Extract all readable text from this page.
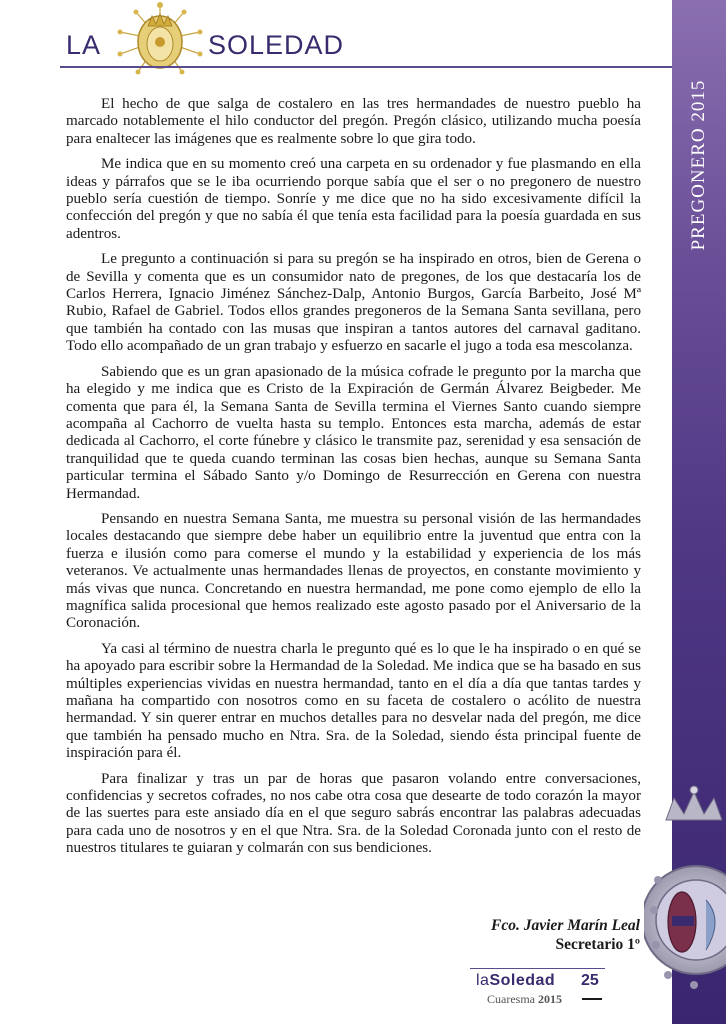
LA	SOLEDAD
PREGONERO 2015

El hecho de que salga de costalero en las tres hermandades de nuestro pueblo ha marcado notablemente el hilo conductor del pregón. Pregón clásico, utilizando mucha poesía para enaltecer las imágenes que es realmente sobre lo que gira todo.

Me indica que en su momento creó una carpeta en su ordenador y fue plasmando en ella ideas y párrafos que se le iba ocurriendo porque sabía que el ser o no pregonero de nuestro pueblo sería cuestión de tiempo. Sonríe y me dice que no ha sido excesivamente difícil la confección del pregón y que no sabía él que tenía esta facilidad para la poesía guardada en sus adentros.

Le pregunto a continuación si para su pregón se ha inspirado en otros, bien de Gerena o de Sevilla y comenta que es un consumidor nato de pregones, de los que destacaría los de Carlos Herrera, Ignacio Jiménez Sánchez-Dalp, Antonio Burgos, García Barbeito, José Mª Rubio, Rafael de Gabriel. Todos ellos grandes pregoneros de la Semana Santa sevillana, pero que también ha contado con las musas que inspiran a tantos autores del carnaval gaditano. Todo ello acompañado de un gran trabajo y esfuerzo en sacarle el jugo a toda esa mescolanza.

Sabiendo que es un gran apasionado de la música cofrade le pregunto por la marcha que ha elegido y me indica que es Cristo de la Expiración de Germán Álvarez Beigbeder. Me comenta que para él, la Semana Santa de Sevilla termina el Viernes Santo cuando siempre acompaña al Cachorro de vuelta hasta su templo. Entonces esta marcha, además de estar dedicada al Cachorro, el corte fúnebre y clásico le transmite paz, serenidad y esa sensación de tranquilidad que te queda cuando terminan las cosas bien hechas, aunque su Semana Santa particular termina el Sábado Santo y/o Domingo de Resurrección en Gerena con nuestra Hermandad.

Pensando en nuestra Semana Santa, me muestra su personal visión de las hermandades locales destacando que siempre debe haber un equilibrio entre la juventud que entra con la fuerza e ilusión como para comerse el mundo y la estabilidad y experiencia de los más veteranos. Ve actualmente unas hermandades llenas de proyectos, en constante movimiento y más vivas que nunca. Concretando en nuestra hermandad, me pone como ejemplo de ello la magnífica salida procesional que hemos realizado este agosto pasado por el Aniversario de la Coronación.

Ya casi al término de nuestra charla le pregunto qué es lo que le ha inspirado o en qué se ha apoyado para escribir sobre la Hermandad de la Soledad. Me indica que se ha basado en sus múltiples experiencias vividas en nuestra hermandad, tanto en el día a día que tantas tardes y mañana ha compartido con nosotros como en su faceta de costalero o acólito de nuestra hermandad. Y sin querer entrar en muchos detalles para no desvelar nada del pregón, me dice que también ha pensado mucho en Ntra. Sra. de la Soledad, siendo ésta principal fuente de inspiración para él.

Para finalizar y tras un par de horas que pasaron volando entre conversaciones, confidencias y secretos cofrades, no nos cabe otra cosa que desearte de todo corazón la mayor de las suertes para este ansiado día en el que seguro sabrás encontrar las palabras adecuadas para cada uno de nosotros y en el que Ntra. Sra. de la Soledad Coronada junto con el resto de nuestros titulares te guiaran y colmarán con sus bendiciones.

Fco. Javier Marín Leal
Secretario 1º
laSoledad 25
Cuaresma 2015
